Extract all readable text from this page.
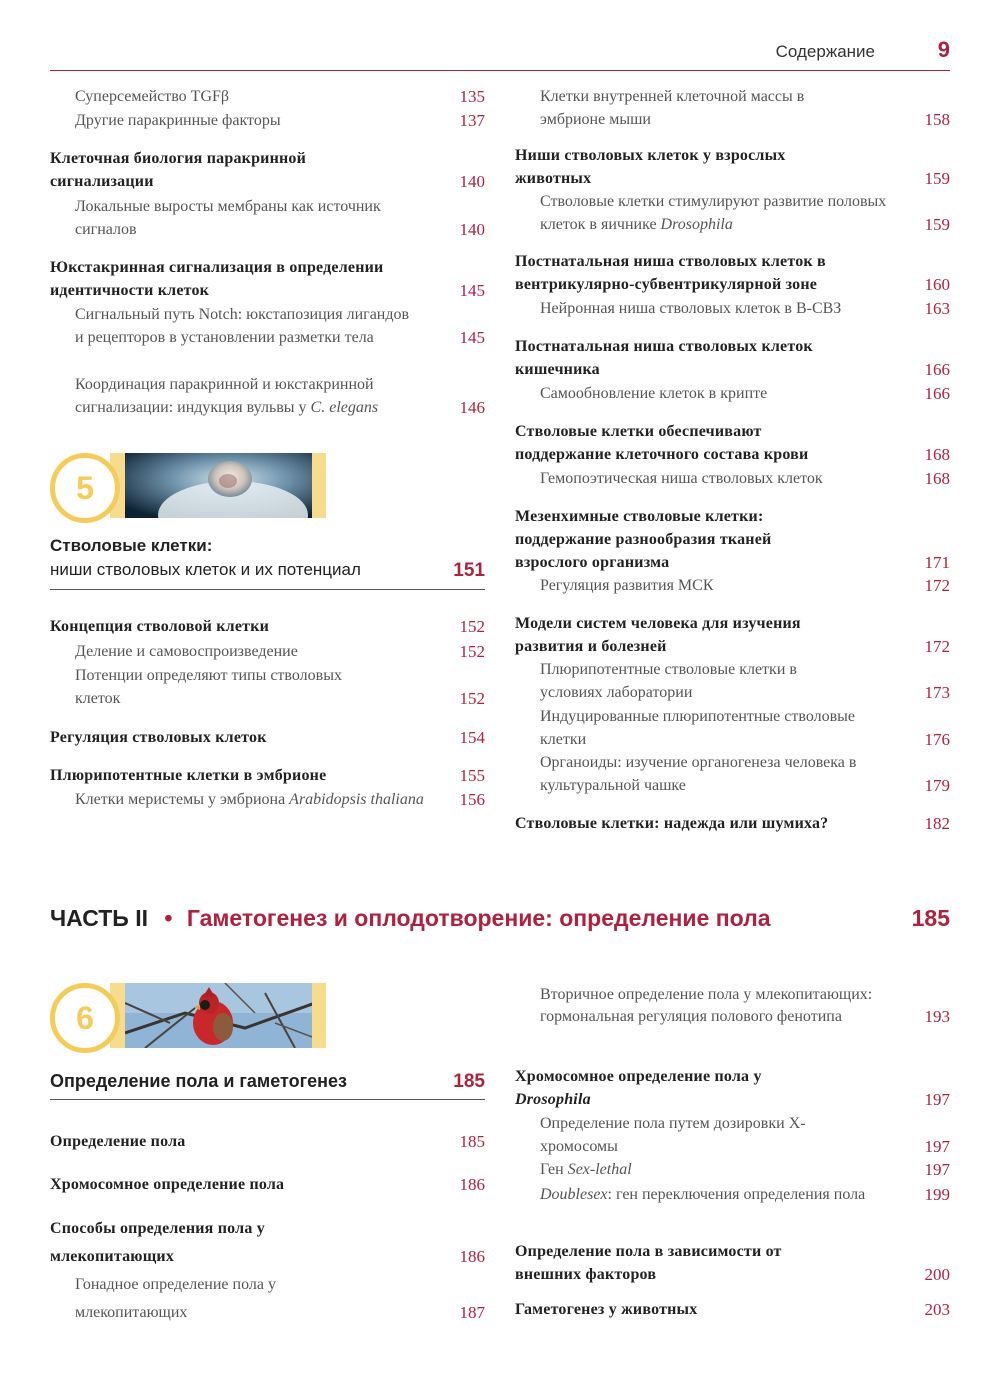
Содержание	9
Суперсемейство TGFβ	135
Другие паракринные факторы	137
Клеточная биология паракринной сигнализации	140
Локальные выросты мембраны как источник сигналов	140
Юкстакринная сигнализация в определении идентичности клеток	145
Сигнальный путь Notch: юкстапозиция лигандов и рецепторов в установлении разметки тела	145
Координация паракринной и юкстакринной сигнализации: индукция вульвы у C. elegans	146
5
Стволовые клетки:
ниши стволовых клеток и их потенциал	151
Концепция стволовой клетки	152
Деление и самовоспроизведение	152
Потенции определяют типы стволовых клеток	152
Регуляция стволовых клеток	154
Плюрипотентные клетки в эмбрионе	155
Клетки меристемы у эмбриона Arabidopsis thaliana	156
Клетки внутренней клеточной массы в эмбрионе мыши	158
Ниши стволовых клеток у взрослых животных	159
Стволовые клетки стимулируют развитие половых клеток в яичнике Drosophila	159
Постнатальная ниша стволовых клеток в вентрикулярно-субвентрикулярной зоне	160
Нейронная ниша стволовых клеток в В-СВЗ	163
Постнатальная ниша стволовых клеток кишечника	166
Самообновление клеток в крипте	166
Стволовые клетки обеспечивают поддержание клеточного состава крови	168
Гемопоэтическая ниша стволовых клеток	168
Мезенхимные стволовые клетки: поддержание разнообразия тканей взрослого организма	171
Регуляция развития МСК	172
Модели систем человека для изучения развития и болезней	172
Плюрипотентные стволовые клетки в условиях лаборатории	173
Индуцированные плюрипотентные стволовые клетки	176
Органоиды: изучение органогенеза человека в культуральной чашке	179
Стволовые клетки: надежда или шумиха?	182
ЧАСТЬ II • Гаметогенез и оплодотворение: определение пола	185
6
Определение пола и гаметогенез	185
Определение пола	185
Хромосомное определение пола	186
Способы определения пола у млекопитающих	186
Гонадное определение пола у млекопитающих	187
Вторичное определение пола у млекопитающих: гормональная регуляция полового фенотипа	193
Хромосомное определение пола у Drosophila	197
Определение пола путем дозировки Х-хромосомы	197
Ген Sex-lethal	197
Doublesex: ген переключения определения пола	199
Определение пола в зависимости от внешних факторов	200
Гаметогенез у животных	203
